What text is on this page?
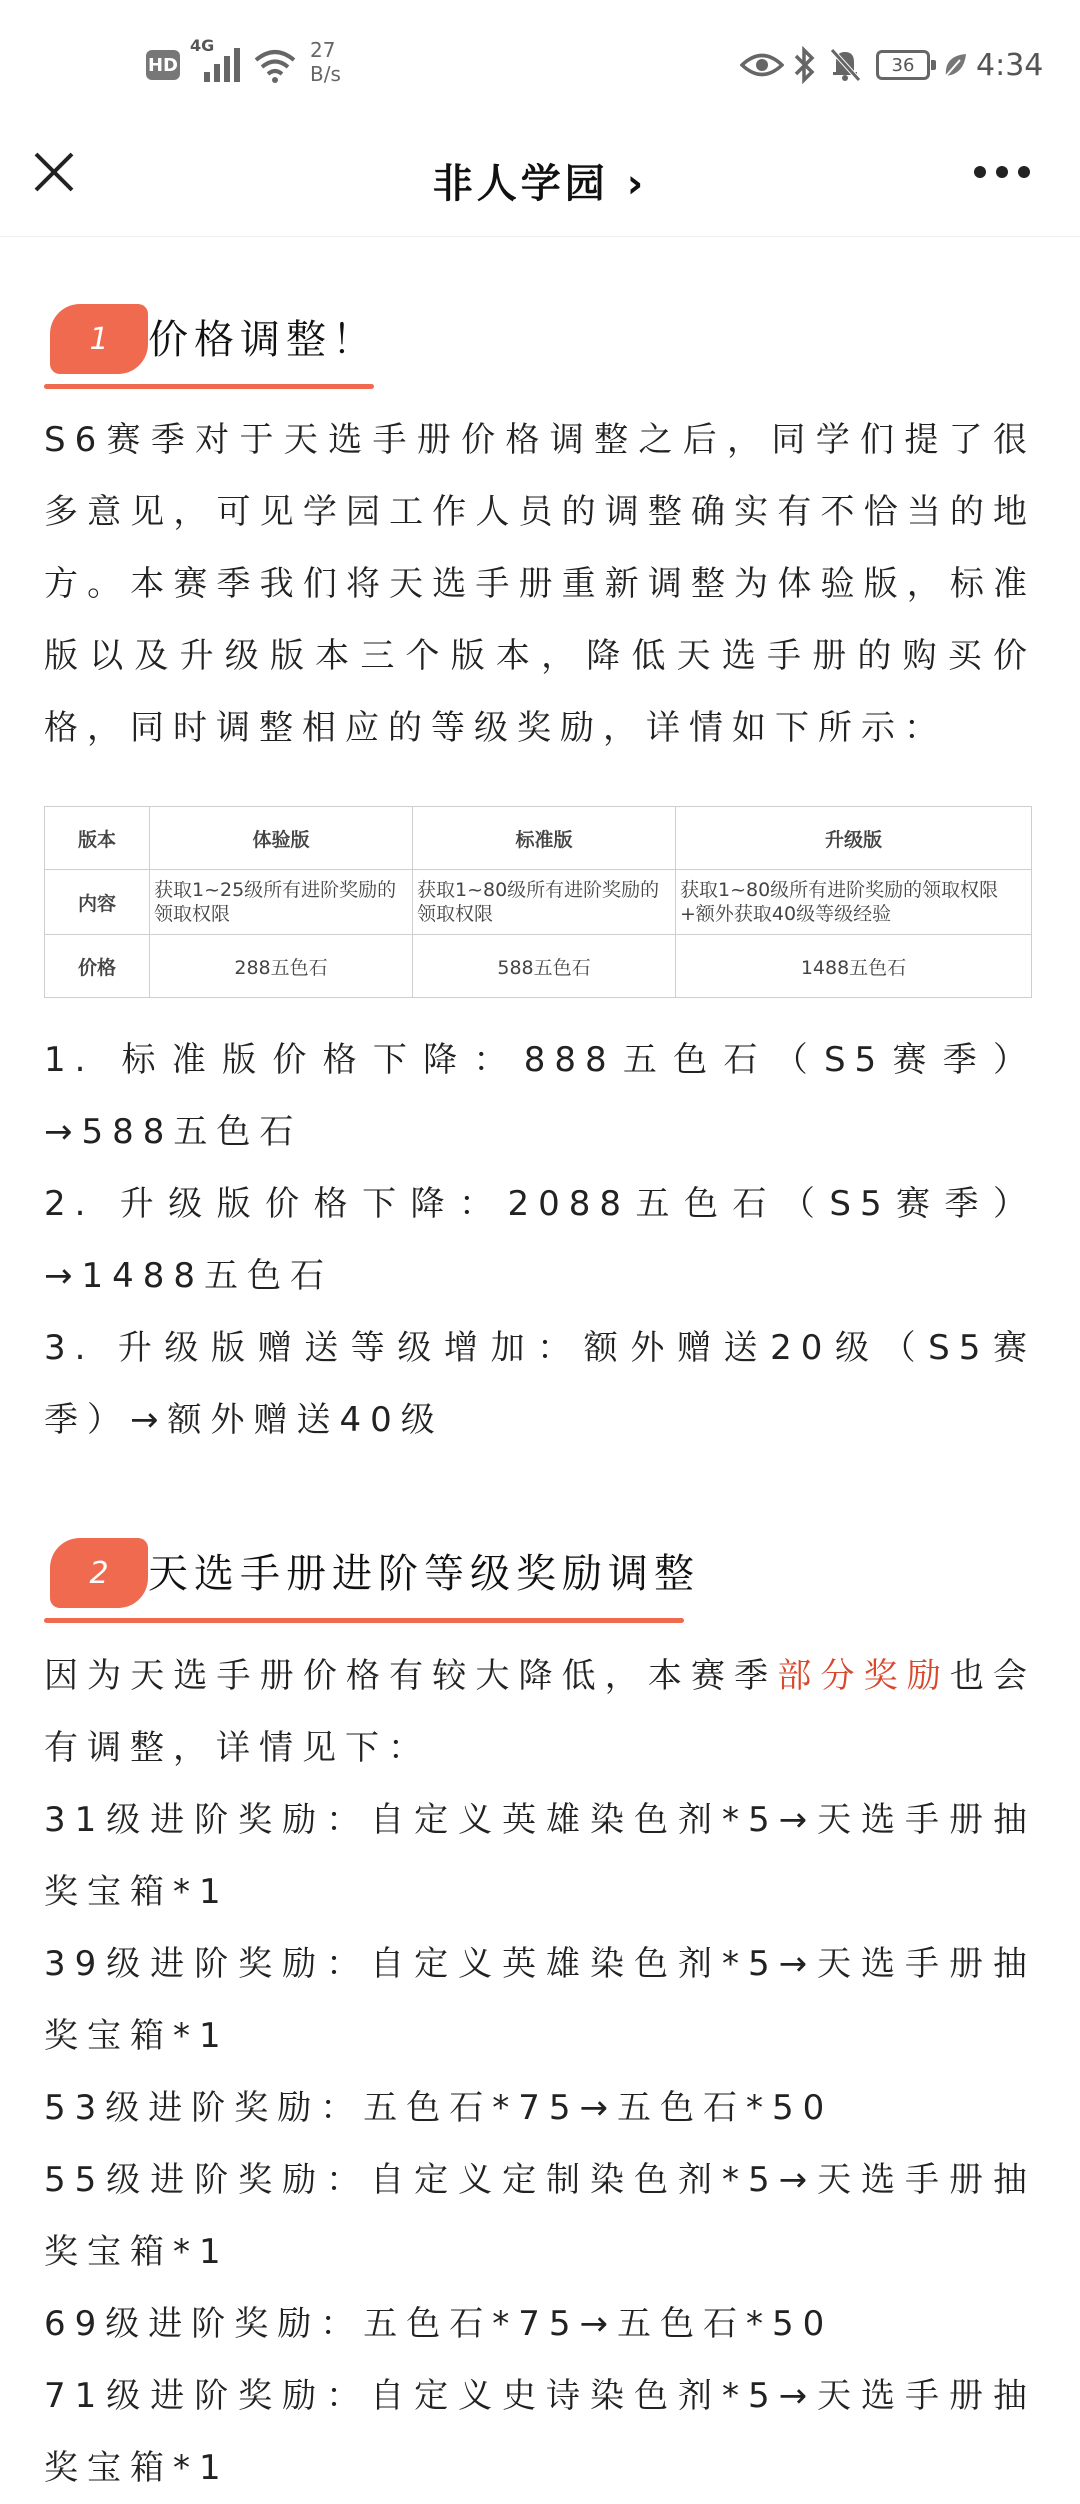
HD
4G	27
B/s	36	4:34
非人学园 ›
1 价格调整！

S6赛季对于天选手册价格调整之后，同学们提了很多意见，可见学园工作人员的调整确实有不恰当的地方。本赛季我们将天选手册重新调整为体验版，标准版以及升级版本三个版本，降低天选手册的购买价格，同时调整相应的等级奖励，详情如下所示：

版本	体验版	标准版	升级版
内容	获取1~25级所有进阶奖励的领取权限	获取1~80级所有进阶奖励的领取权限	获取1~80级所有进阶奖励的领取权限+额外获取40级等级经验
价格	288五色石	588五色石	1488五色石

1. 标准版价格下降：888五色石（S5赛季）→588五色石

2. 升级版价格下降：2088五色石（S5赛季）→1488五色石

3. 升级版赠送等级增加：额外赠送20级（S5赛季）→额外赠送40级

2 天选手册进阶等级奖励调整

因为天选手册价格有较大降低，本赛季部分奖励也会有调整，详情见下：

31级进阶奖励：自定义英雄染色剂*5→天选手册抽奖宝箱*1

39级进阶奖励：自定义英雄染色剂*5→天选手册抽奖宝箱*1

53级进阶奖励：五色石*75→五色石*50

55级进阶奖励：自定义定制染色剂*5→天选手册抽奖宝箱*1

69级进阶奖励：五色石*75→五色石*50

71级进阶奖励：自定义史诗染色剂*5→天选手册抽奖宝箱*1
